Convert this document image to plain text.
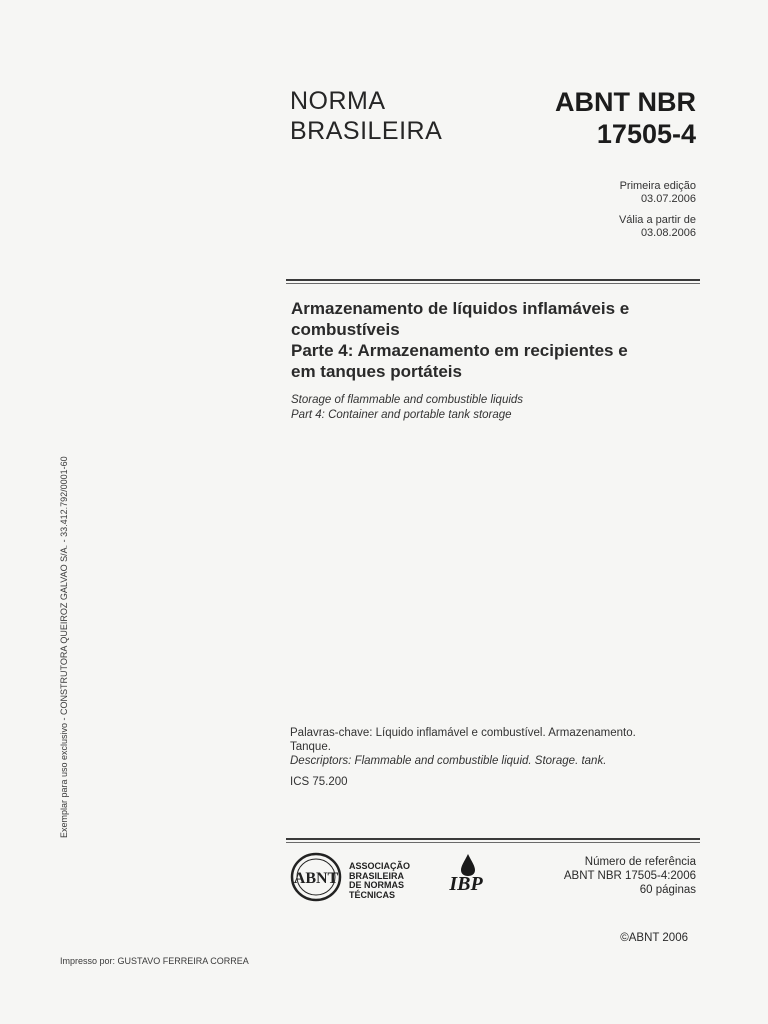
NORMA
BRASILEIRA
ABNT NBR
17505-4
Primeira edição
03.07.2006
Vália a partir de
03.08.2006
Armazenamento de líquidos inflamáveis e
combustíveis
Parte 4: Armazenamento em recipientes e
em tanques portáteis
Storage of flammable and combustible liquids
Part 4: Container and portable tank storage
Exemplar para uso exclusivo - CONSTRUTORA QUEIROZ GALVAO S/A. - 33.412.792/0001-60	Palavras-chave: Líquido inflamável e combustível. Armazenamento.
Tanque.
Descriptors: Flammable and combustible liquid. Storage. tank.
ICS 75.200
ABNT
ASSOCIAÇÃO
BRASILEIRA
DE NORMAS
TÉCNICAS	IBP
Número de referência
ABNT NBR 17505-4:2006
60 páginas
©ABNT 2006
Impresso por: GUSTAVO FERREIRA CORREA
